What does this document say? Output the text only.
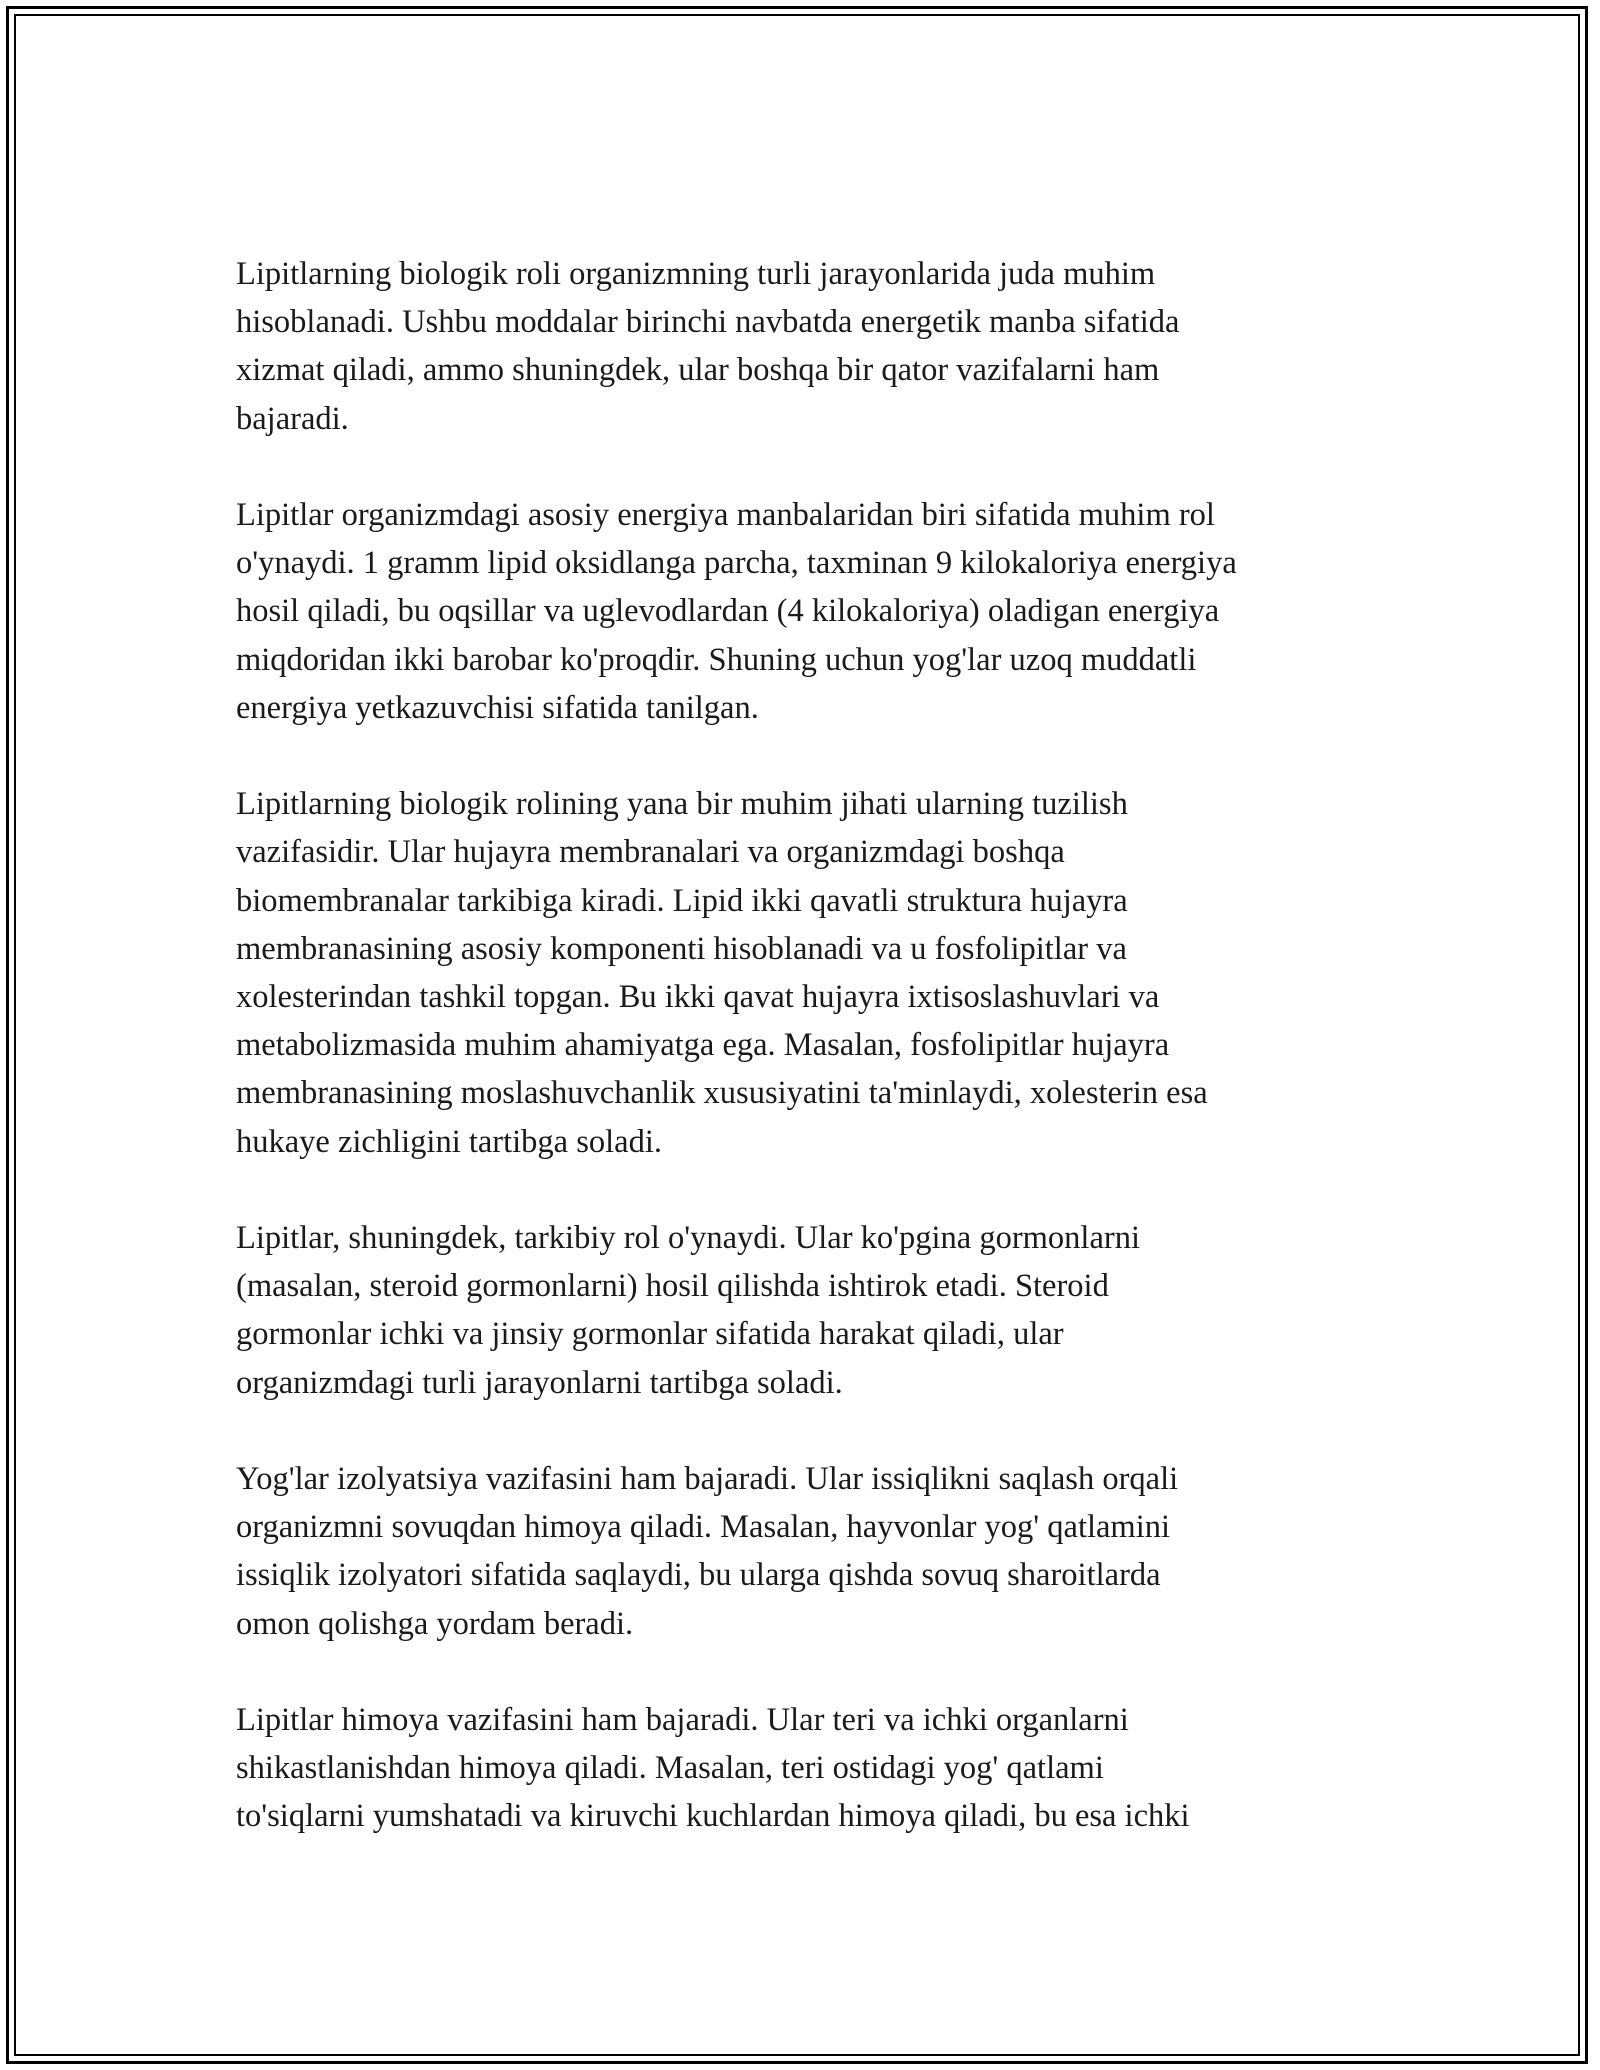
Lipitlarning biologik roli organizmning turli jarayonlarida juda muhim
hisoblanadi. Ushbu moddalar birinchi navbatda energetik manba sifatida
xizmat qiladi, ammo shuningdek, ular boshqa bir qator vazifalarni ham
bajaradi.

Lipitlar organizmdagi asosiy energiya manbalaridan biri sifatida muhim rol
o'ynaydi. 1 gramm lipid oksidlanga parcha, taxminan 9 kilokaloriya energiya
hosil qiladi, bu oqsillar va uglevodlardan (4 kilokaloriya) oladigan energiya
miqdoridan ikki barobar ko'proqdir. Shuning uchun yog'lar uzoq muddatli
energiya yetkazuvchisi sifatida tanilgan.

Lipitlarning biologik rolining yana bir muhim jihati ularning tuzilish
vazifasidir. Ular hujayra membranalari va organizmdagi boshqa
biomembranalar tarkibiga kiradi. Lipid ikki qavatli struktura hujayra
membranasining asosiy komponenti hisoblanadi va u fosfolipitlar va
xolesterindan tashkil topgan. Bu ikki qavat hujayra ixtisoslashuvlari va
metabolizmasida muhim ahamiyatga ega. Masalan, fosfolipitlar hujayra
membranasining moslashuvchanlik xususiyatini ta'minlaydi, xolesterin esa
hukaye zichligini tartibga soladi.

Lipitlar, shuningdek, tarkibiy rol o'ynaydi. Ular ko'pgina gormonlarni
(masalan, steroid gormonlarni) hosil qilishda ishtirok etadi. Steroid
gormonlar ichki va jinsiy gormonlar sifatida harakat qiladi, ular
organizmdagi turli jarayonlarni tartibga soladi.

Yog'lar izolyatsiya vazifasini ham bajaradi. Ular issiqlikni saqlash orqali
organizmni sovuqdan himoya qiladi. Masalan, hayvonlar yog' qatlamini
issiqlik izolyatori sifatida saqlaydi, bu ularga qishda sovuq sharoitlarda
omon qolishga yordam beradi.

Lipitlar himoya vazifasini ham bajaradi. Ular teri va ichki organlarni
shikastlanishdan himoya qiladi. Masalan, teri ostidagi yog' qatlami
to'siqlarni yumshatadi va kiruvchi kuchlardan himoya qiladi, bu esa ichki
